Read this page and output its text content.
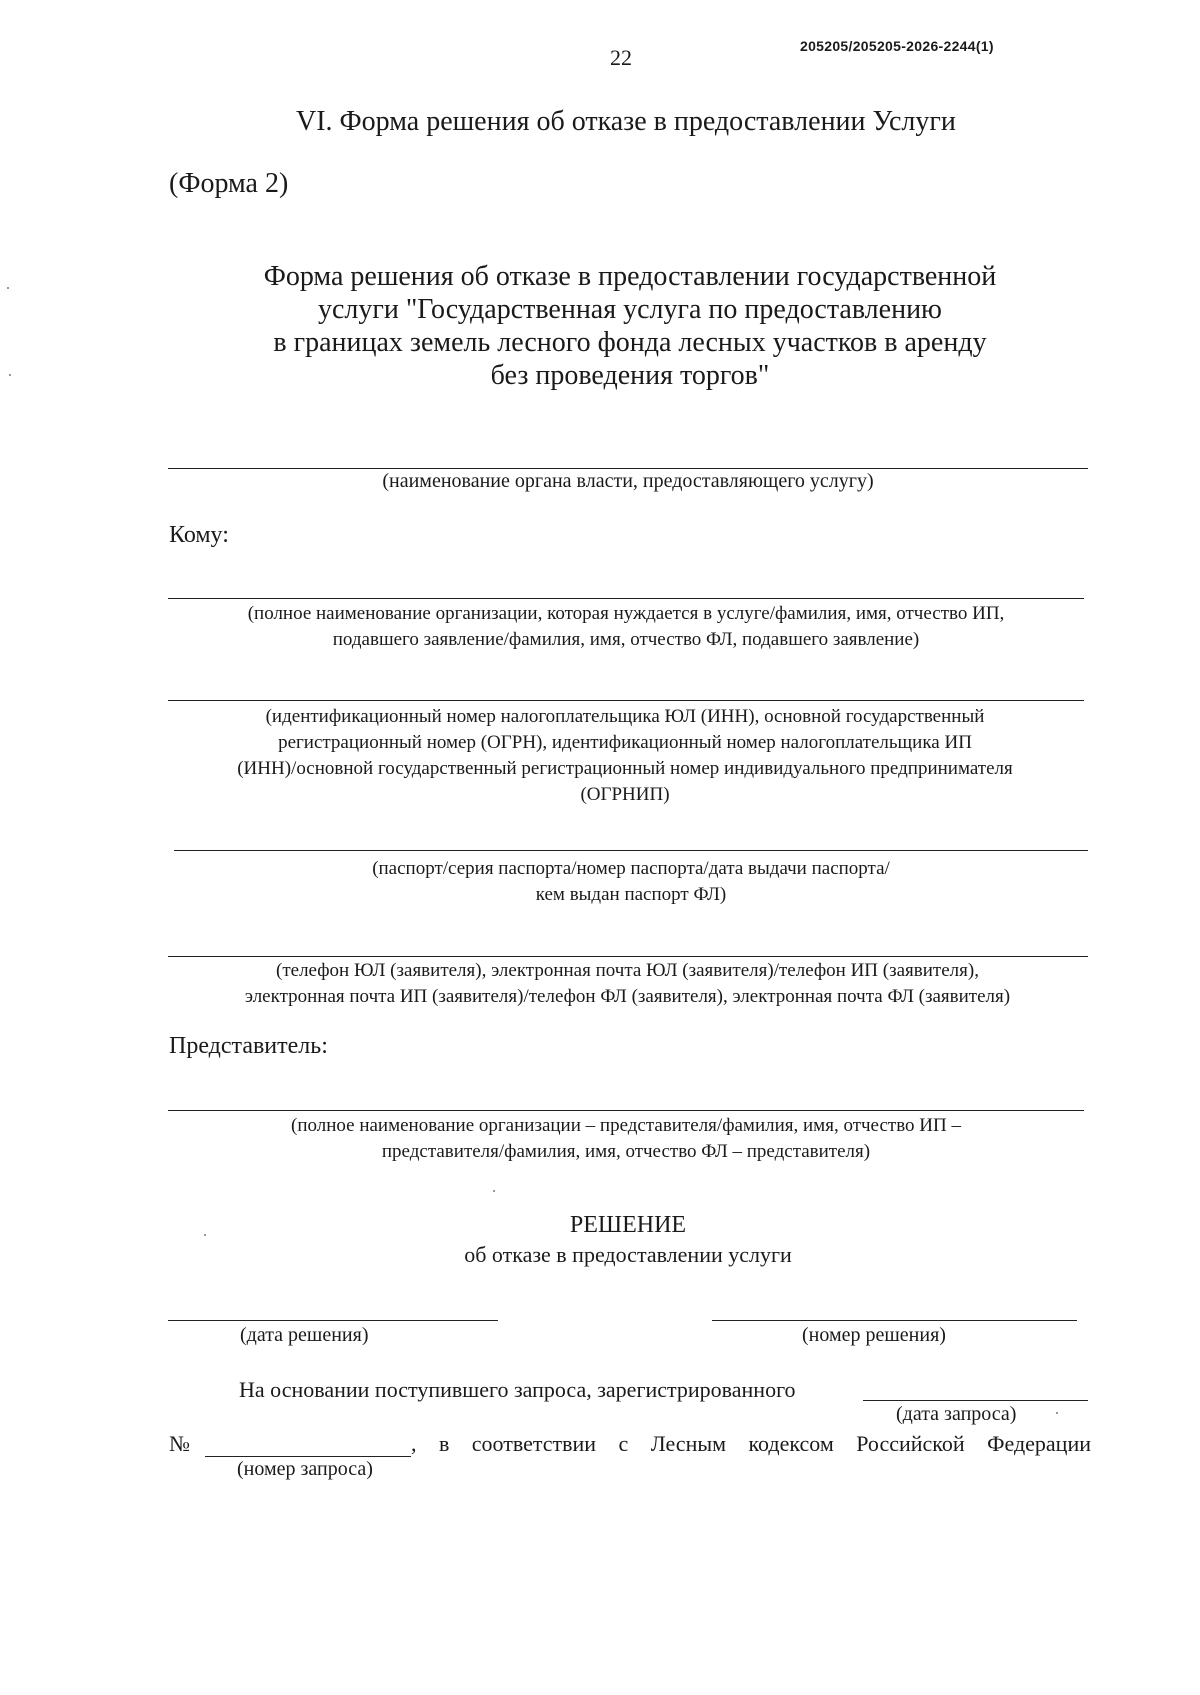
22	205205/205205-2026-2244(1)
VI. Форма решения об отказе в предоставлении Услуги
(Форма 2)
Форма решения об отказе в предоставлении государственной
услуги "Государственная услуга по предоставлению
в границах земель лесного фонда лесных участков в аренду
без проведения торгов"
(наименование органа власти, предоставляющего услугу)
Кому:
(полное наименование организации, которая нуждается в услуге/фамилия, имя, отчество ИП,
подавшего заявление/фамилия, имя, отчество ФЛ, подавшего заявление)
(идентификационный номер налогоплательщика ЮЛ (ИНН), основной государственный
регистрационный номер (ОГРН), идентификационный номер налогоплательщика ИП
(ИНН)/основной государственный регистрационный номер индивидуального предпринимателя
(ОГРНИП)
(паспорт/серия паспорта/номер паспорта/дата выдачи паспорта/
кем выдан паспорт ФЛ)
(телефон ЮЛ (заявителя), электронная почта ЮЛ (заявителя)/телефон ИП (заявителя),
электронная почта ИП (заявителя)/телефон ФЛ (заявителя), электронная почта ФЛ (заявителя)
Представитель:
(полное наименование организации – представителя/фамилия, имя, отчество ИП –
представителя/фамилия, имя, отчество ФЛ – представителя)
РЕШЕНИЕ
об отказе в предоставлении услуги
(дата решения)	(номер решения)
На основании поступившего запроса, зарегистрированного
(дата запроса)
№	, в соответствии с Лесным кодексом Российской Федерации
(номер запроса)
